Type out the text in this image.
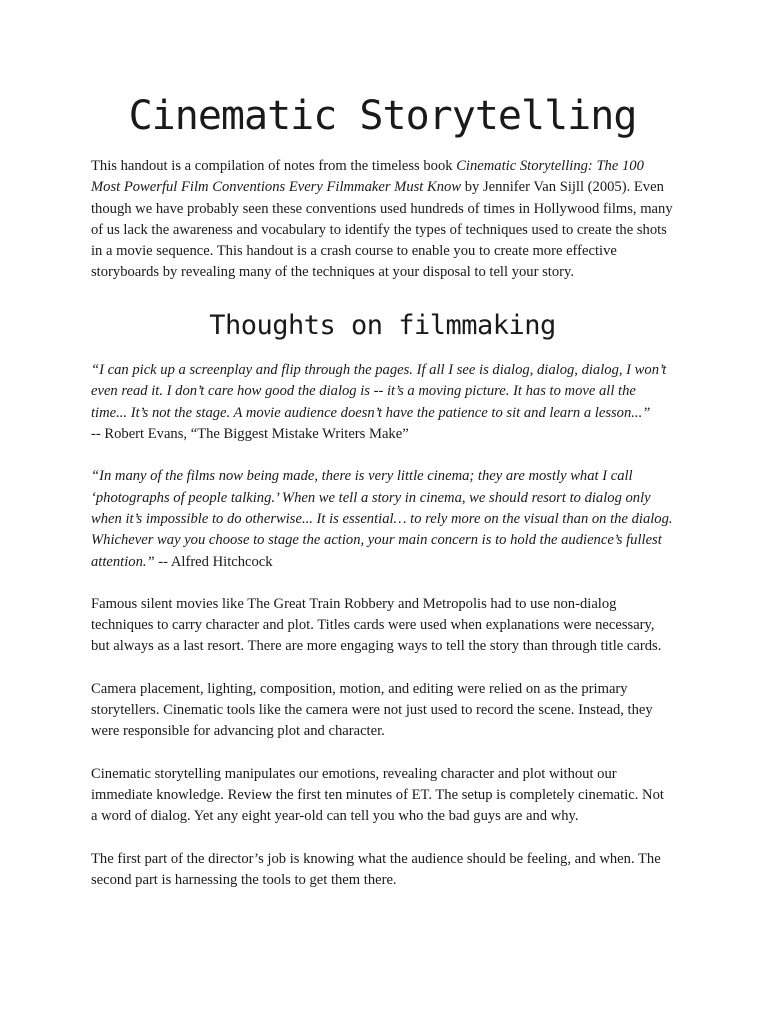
Cinematic Storytelling

This handout is a compilation of notes from the timeless book Cinematic Storytelling: The 100 Most Powerful Film Conventions Every Filmmaker Must Know by Jennifer Van Sijll (2005). Even though we have probably seen these conventions used hundreds of times in Hollywood films, many of us lack the awareness and vocabulary to identify the types of techniques used to create the shots in a movie sequence. This handout is a crash course to enable you to create more effective storyboards by revealing many of the techniques at your disposal to tell your story.

Thoughts on filmmaking

“I can pick up a screenplay and flip through the pages. If all I see is dialog, dialog, dialog, I won’t even read it. I don’t care how good the dialog is -- it’s a moving picture. It has to move all the time... It’s not the stage. A movie audience doesn’t have the patience to sit and learn a lesson...”
-- Robert Evans, “The Biggest Mistake Writers Make”

“In many of the films now being made, there is very little cinema; they are mostly what I call ‘photographs of people talking.’ When we tell a story in cinema, we should resort to dialog only when it’s impossible to do otherwise... It is essential… to rely more on the visual than on the dialog. Whichever way you choose to stage the action, your main concern is to hold the audience’s fullest attention.” -- Alfred Hitchcock

Famous silent movies like The Great Train Robbery and Metropolis had to use non-dialog techniques to carry character and plot. Titles cards were used when explanations were necessary, but always as a last resort. There are more engaging ways to tell the story than through title cards.

Camera placement, lighting, composition, motion, and editing were relied on as the primary storytellers. Cinematic tools like the camera were not just used to record the scene. Instead, they were responsible for advancing plot and character.

Cinematic storytelling manipulates our emotions, revealing character and plot without our immediate knowledge. Review the first ten minutes of ET. The setup is completely cinematic. Not a word of dialog. Yet any eight year-old can tell you who the bad guys are and why.

The first part of the director’s job is knowing what the audience should be feeling, and when. The second part is harnessing the tools to get them there.
